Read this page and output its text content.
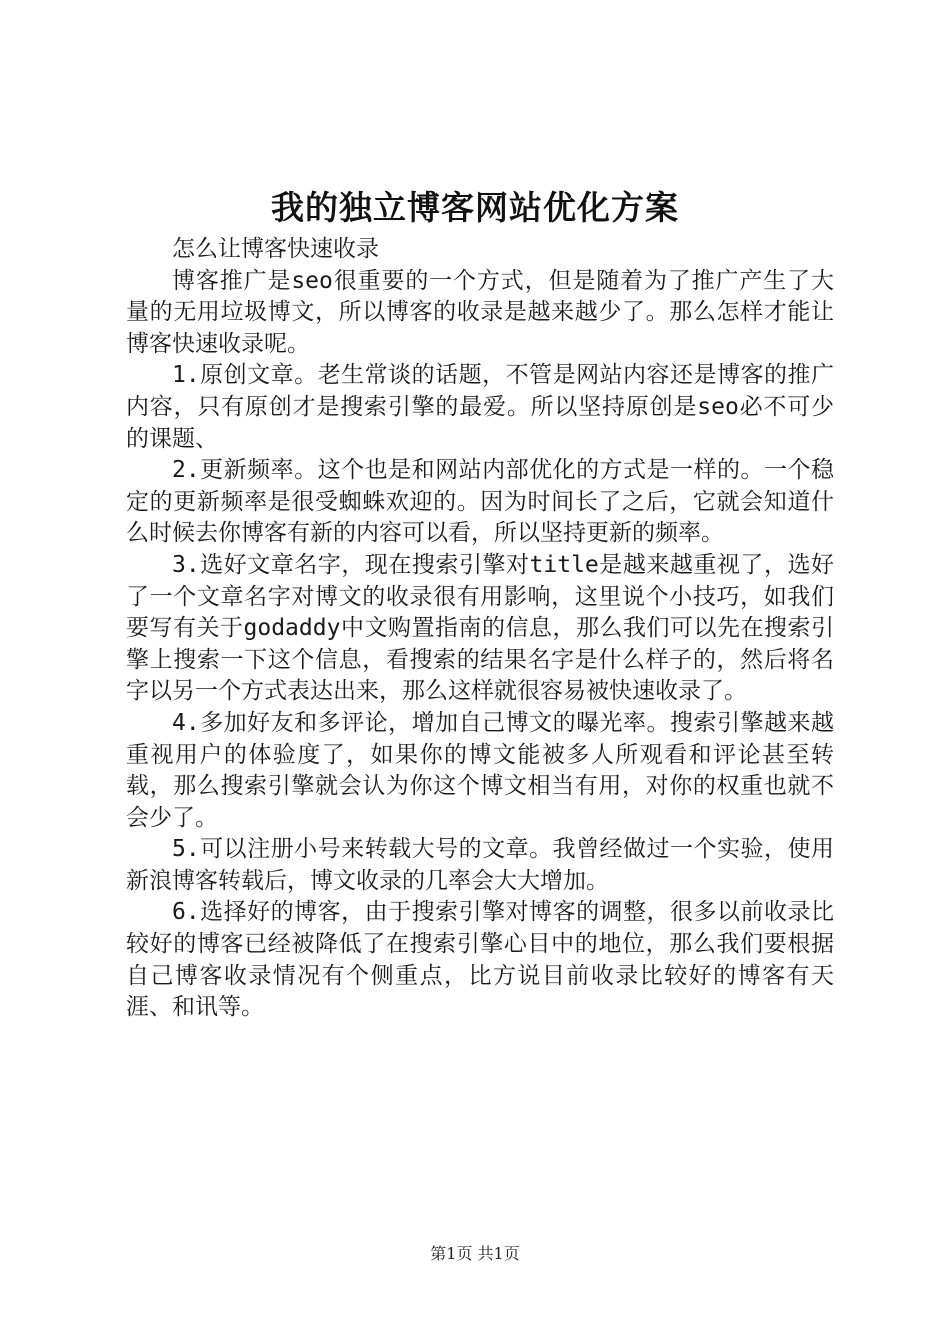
我的独立博客网站优化方案

怎么让博客快速收录

博客推广是seo很重要的一个方式，但是随着为了推广产生了大量的无用垃圾博文，所以博客的收录是越来越少了。那么怎样才能让博客快速收录呢。

1.原创文章。老生常谈的话题，不管是网站内容还是博客的推广内容，只有原创才是搜索引擎的最爱。所以坚持原创是seo必不可少的课题、

2.更新频率。这个也是和网站内部优化的方式是一样的。一个稳定的更新频率是很受蜘蛛欢迎的。因为时间长了之后，它就会知道什么时候去你博客有新的内容可以看，所以坚持更新的频率。

3.选好文章名字，现在搜索引擎对title是越来越重视了，选好了一个文章名字对博文的收录很有用影响，这里说个小技巧，如我们要写有关于godaddy中文购置指南的信息，那么我们可以先在搜索引擎上搜索一下这个信息，看搜索的结果名字是什么样子的，然后将名字以另一个方式表达出来，那么这样就很容易被快速收录了。

4.多加好友和多评论，增加自己博文的曝光率。搜索引擎越来越重视用户的体验度了，如果你的博文能被多人所观看和评论甚至转载，那么搜索引擎就会认为你这个博文相当有用，对你的权重也就不会少了。

5.可以注册小号来转载大号的文章。我曾经做过一个实验，使用新浪博客转载后，博文收录的几率会大大增加。

6.选择好的博客，由于搜索引擎对博客的调整，很多以前收录比较好的博客已经被降低了在搜索引擎心目中的地位，那么我们要根据自己博客收录情况有个侧重点，比方说目前收录比较好的博客有天涯、和讯等。

第1页 共1页
